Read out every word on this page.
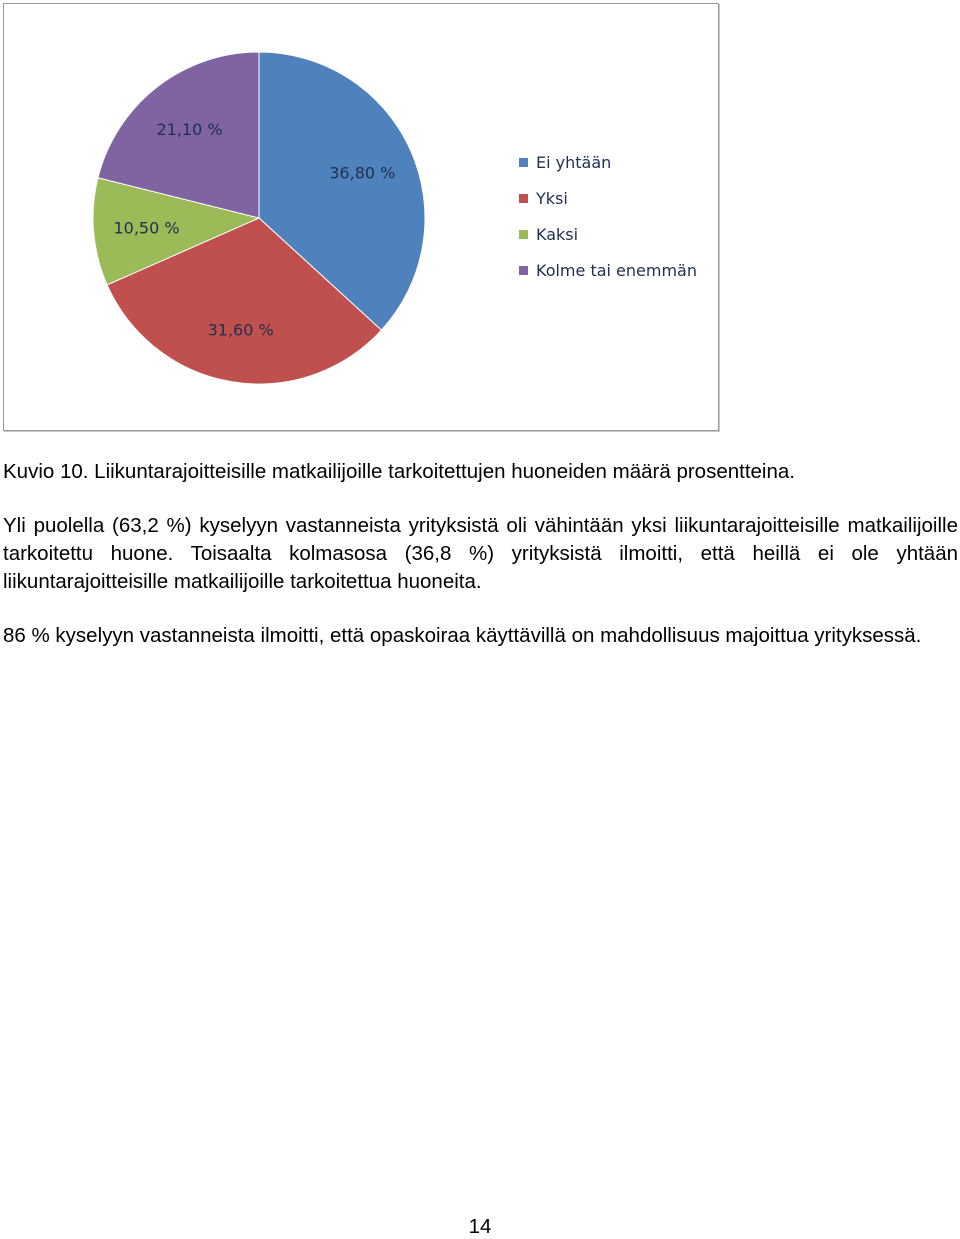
36,80 %
31,60 %
10,50 %
21,10 %
Ei yhtään
Yksi
Kaksi
Kolme tai enemmän
Kuvio 10. Liikuntarajoitteisille matkailijoille tarkoitettujen huoneiden määrä prosentteina.
Yli puolella (63,2 %) kyselyyn vastanneista yrityksistä oli vähintään yksi liikuntarajoitteisille matkailijoille tarkoitettu huone. Toisaalta kolmasosa (36,8 %) yrityksistä ilmoitti, että heillä ei ole yhtään liikuntarajoitteisille matkailijoille tarkoitettua huoneita.
86 % kyselyyn vastanneista ilmoitti, että opaskoiraa käyttävillä on mahdollisuus majoittua yrityksessä.
14
